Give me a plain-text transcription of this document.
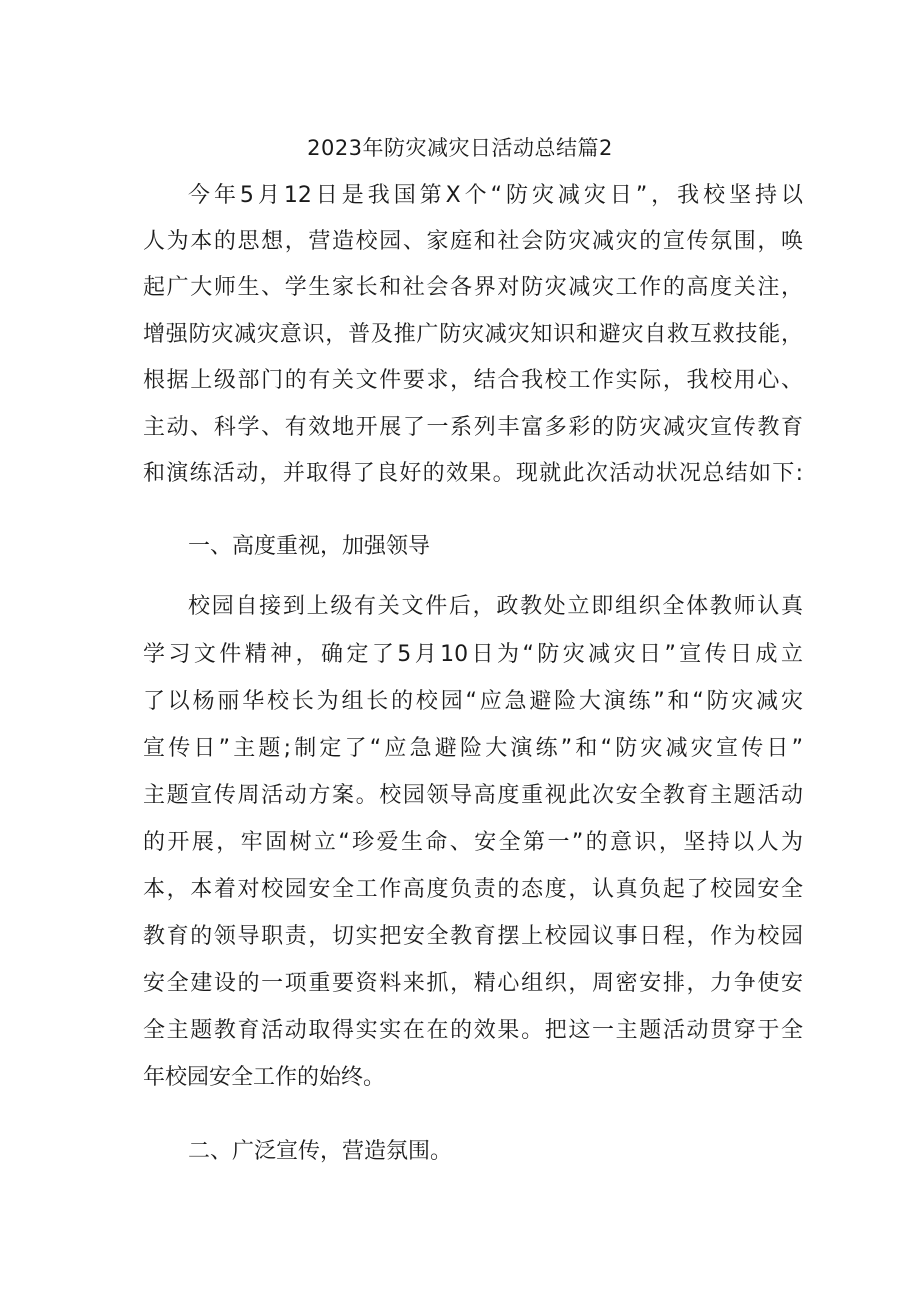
2023年防灾减灾日活动总结篇2
今年5月12日是我国第X个“防灾减灾日”，我校坚持以
人为本的思想，营造校园、家庭和社会防灾减灾的宣传氛围，唤
起广大师生、学生家长和社会各界对防灾减灾工作的高度关注，
增强防灾减灾意识，普及推广防灾减灾知识和避灾自救互救技能，
根据上级部门的有关文件要求，结合我校工作实际，我校用心、
主动、科学、有效地开展了一系列丰富多彩的防灾减灾宣传教育
和演练活动，并取得了良好的效果。现就此次活动状况总结如下:
一、高度重视，加强领导
校园自接到上级有关文件后，政教处立即组织全体教师认真
学习文件精神，确定了5月10日为“防灾减灾日”宣传日成立
了以杨丽华校长为组长的校园“应急避险大演练”和“防灾减灾
宣传日”主题;制定了“应急避险大演练”和“防灾减灾宣传日”
主题宣传周活动方案。校园领导高度重视此次安全教育主题活动
的开展，牢固树立“珍爱生命、安全第一”的意识，坚持以人为
本，本着对校园安全工作高度负责的态度，认真负起了校园安全
教育的领导职责，切实把安全教育摆上校园议事日程，作为校园
安全建设的一项重要资料来抓，精心组织，周密安排，力争使安
全主题教育活动取得实实在在的效果。把这一主题活动贯穿于全
年校园安全工作的始终。
二、广泛宣传，营造氛围。
